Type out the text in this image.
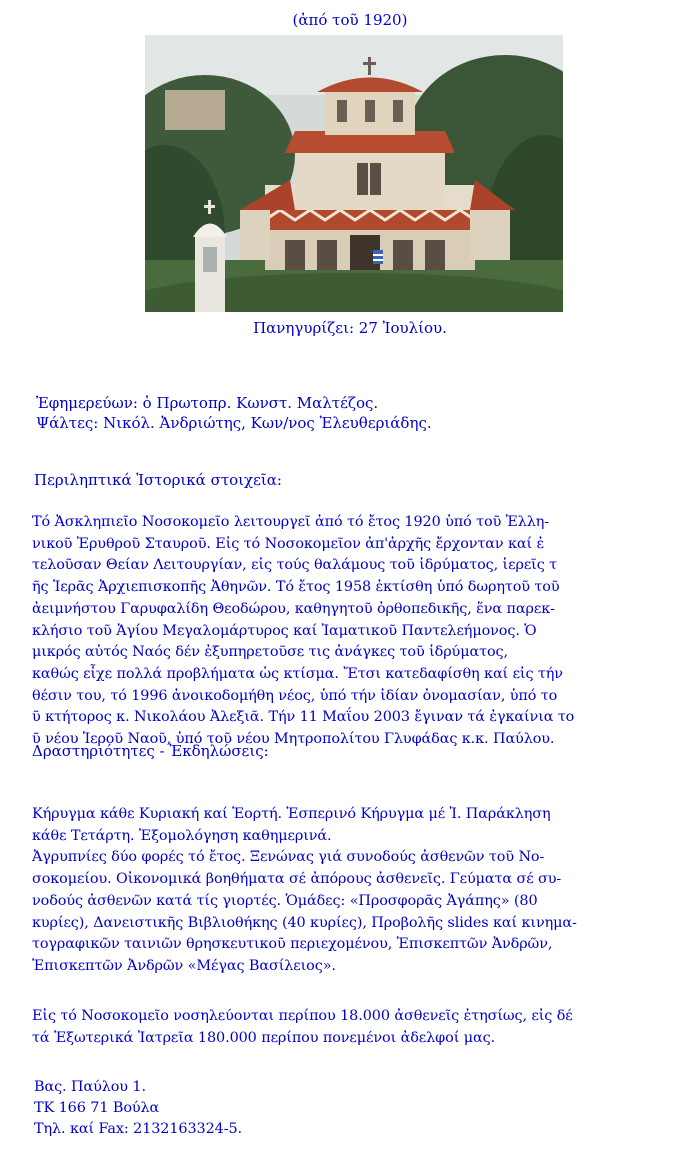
(ἀπό τοῦ 1920)

Πανηγυρίζει: 27 Ἰουλίου.

Ἐφημερεύων: ὁ Πρωτοπρ. Κωνστ. Μαλτέζος.

Ψάλτες: Νικόλ. Ἀνδριώτης, Κων/νος Ἐλευθεριάδης.

Περιληπτικά Ἱστορικά στοιχεῖα:

Τό Ἀσκληπιεῖο Νοσοκομεῖο λειτουργεῖ ἀπό τό ἔτος 1920 ὑπό τοῦ Ἑλλη-
νικοῦ Ἐρυθροῦ Σταυροῦ. Εἰς τό Νοσοκομεῖον ἀπ'ἀρχῆς ἔρχονταν καί ἐ
τελοῦσαν Θείαν Λειτουργίαν, εἰς τούς θαλάμους τοῦ ἱδρύματος, ἱερεῖς τ
ῆς Ἱερᾶς Ἀρχιεπισκοπῆς Ἀθηνῶν. Τό ἔτος 1958 ἐκτίσθη ὑπό δωρητοῦ τοῦ
ἀειμνήστου Γαρυφαλίδη Θεοδώρου, καθηγητοῦ ὀρθοπεδικῆς, ἕνα παρεκ-
κλήσιο τοῦ Ἁγίου Μεγαλομάρτυρος καί Ἰαματικοῦ Παντελεήμονος. Ὁ
μικρός αὐτός Ναός δέν ἐξυπηρετοῦσε τις ἀνάγκες τοῦ ἱδρύματος,
καθώς εἶχε πολλά προβλήματα ὡς κτίσμα. Ἔτσι κατεδαφίσθη καί εἰς τήν
θέσιν του, τό 1996 ἀνοικοδομήθη νέος, ὑπό τήν ἰδίαν ὀνομασίαν, ὑπό το
ῦ κτήτορος κ. Νικολάου Ἀλεξιᾶ. Τήν 11 Μαΐου 2003 ἔγιναν τά ἐγκαίνια το
ῦ νέου Ἱεροῦ Ναοῦ, ὑπό τοῦ νέου Μητροπολίτου Γλυφάδας κ.κ. Παύλου.

Δραστηριότητες - Ἐκδηλώσεις:

Κήρυγμα κάθε Κυριακή καί Ἑορτή. Ἑσπερινό Κήρυγμα μέ Ἱ. Παράκληση
κάθε Τετάρτη. Ἐξομολόγηση καθημερινά.
Ἀγρυπνίες δύο φορές τό ἔτος. Ξενώνας γιά συνοδούς ἀσθενῶν τοῦ Νο-
σοκομείου. Οἰκονομικά βοηθήματα σέ ἀπόρους ἀσθενεῖς. Γεύματα σέ συ-
νοδούς ἀσθενῶν κατά τίς γιορτές. Ὁμάδες: «Προσφορᾶς Ἀγάπης» (80
κυρίες), Δανειστικῆς Βιβλιοθήκης (40 κυρίες), Προβολῆς slides καί κινημα-
τογραφικῶν ταινιῶν θρησκευτικοῦ περιεχομένου, Ἐπισκεπτῶν Ἀνδρῶν,
Ἐπισκεπτῶν Ἀνδρῶν «Μέγας Βασίλειος».
Εἰς τό Νοσοκομεῖο νοσηλεύονται περίπου 18.000 ἀσθενεῖς ἐτησίως, εἰς δέ
τά Ἐξωτερικά Ἰατρεῖα 180.000 περίπου πονεμένοι ἀδελφοί μας.
Βας. Παύλου 1.
ΤΚ 166 71 Βούλα
Τηλ. καί Fax: 2132163324-5.
